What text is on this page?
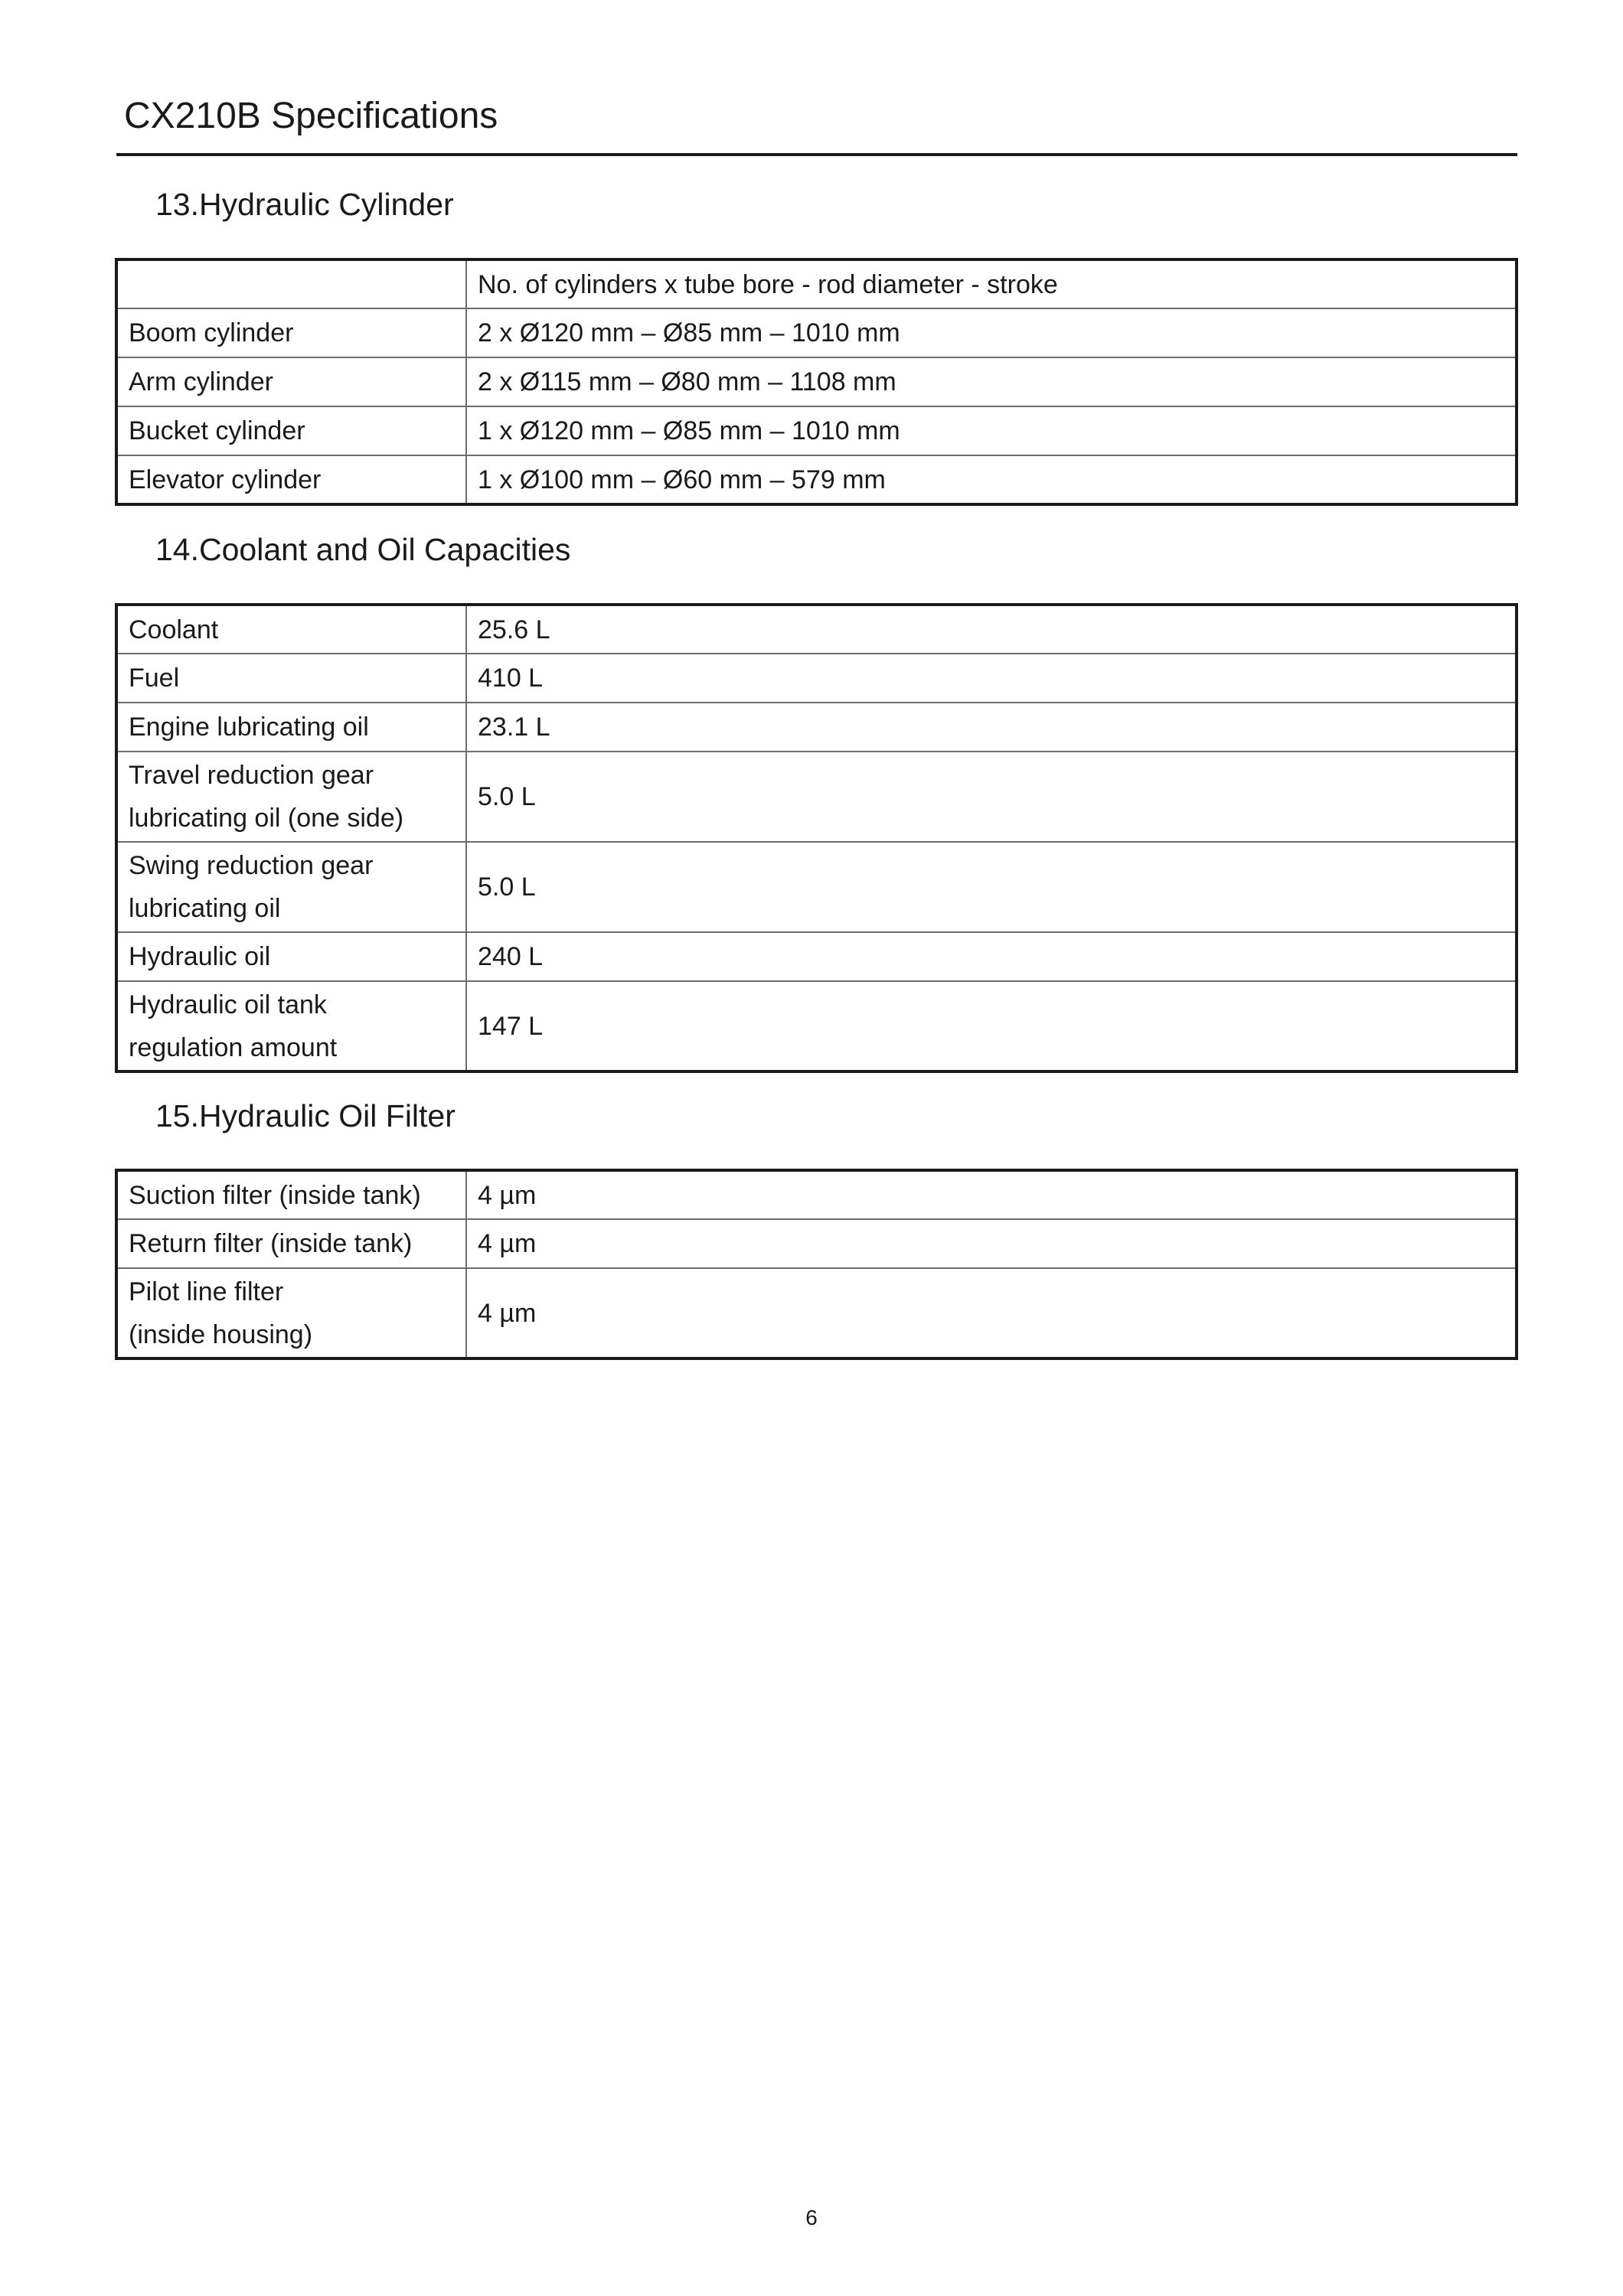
CX210B Specifications
13.Hydraulic Cylinder
	No. of cylinders x tube bore - rod diameter - stroke
Boom cylinder	2 x Ø120 mm – Ø85 mm – 1010 mm
Arm cylinder	2 x Ø115 mm – Ø80 mm – 1108 mm
Bucket cylinder	1 x Ø120 mm – Ø85 mm – 1010 mm
Elevator cylinder	1 x Ø100 mm – Ø60 mm – 579 mm
14.Coolant and Oil Capacities
Coolant	25.6 L

Fuel	410 L

Engine lubricating oil	23.1 L

Travel reduction gear
lubricating oil (one side)	5.0 L

Swing reduction gear
lubricating oil	5.0 L

Hydraulic oil	240 L

Hydraulic oil tank
regulation amount	147 L
15.Hydraulic Oil Filter
Suction filter (inside tank)	4 µm

Return filter (inside tank)	4 µm

Pilot line filter
(inside housing)	4 µm
6
